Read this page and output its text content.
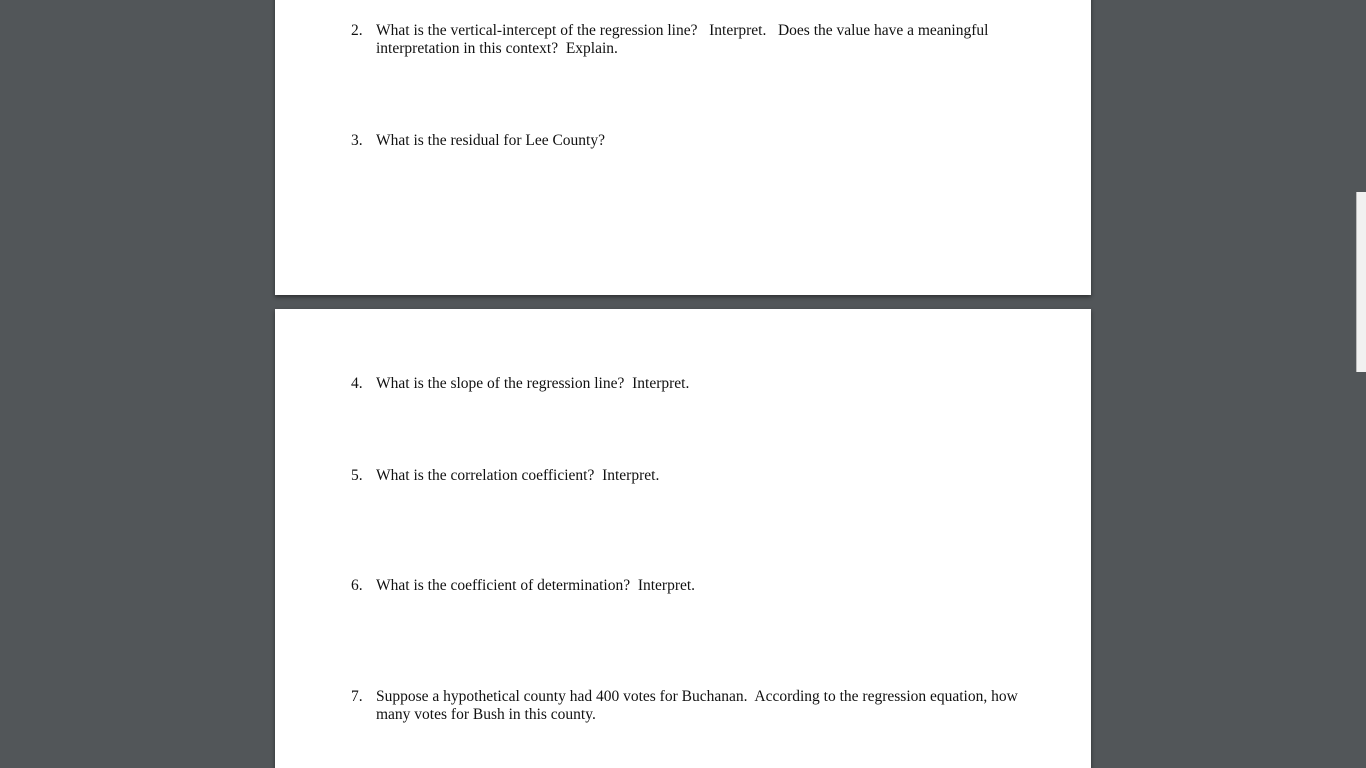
2. What is the vertical-intercept of the regression line?   Interpret.   Does the value have a meaningful interpretation in this context?  Explain.
3. What is the residual for Lee County?
4. What is the slope of the regression line?  Interpret.
5. What is the correlation coefficient?  Interpret.
6. What is the coefficient of determination?  Interpret.
7. Suppose a hypothetical county had 400 votes for Buchanan.  According to the regression equation, how many votes for Bush in this county.
